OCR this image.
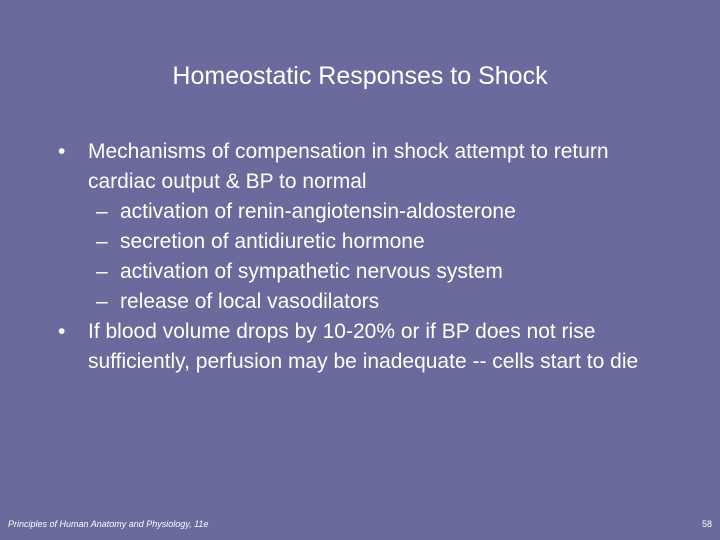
Homeostatic Responses to Shock
• Mechanisms of compensation in shock attempt to return cardiac output & BP to normal
– activation of renin-angiotensin-aldosterone
– secretion of antidiuretic hormone
– activation of sympathetic nervous system
– release of local vasodilators
• If blood volume drops by 10-20% or if BP does not rise sufficiently, perfusion may be inadequate -- cells start to die
Principles of Human Anatomy and Physiology, 11e	58
